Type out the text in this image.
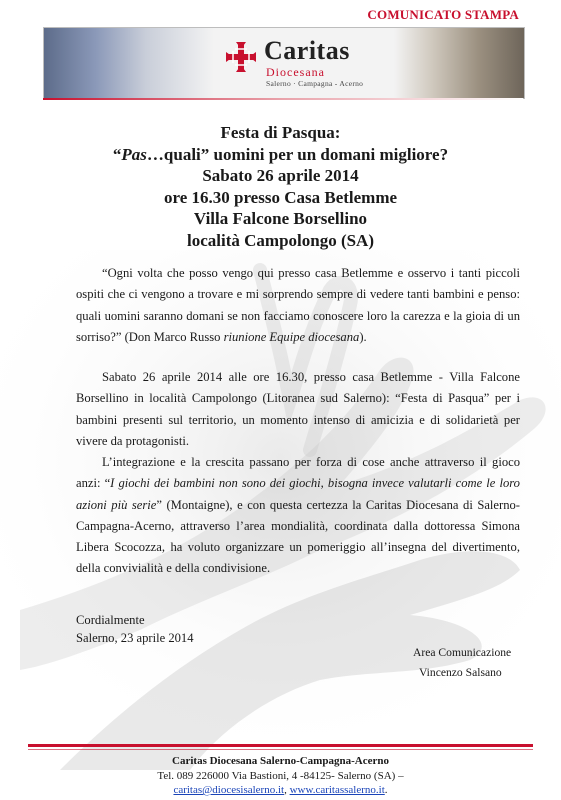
COMUNICATO STAMPA
Caritas
Diocesana
Salerno · Campagna - Acerno
Festa di Pasqua:
“Pas…quali” uomini per un domani migliore?
Sabato 26 aprile 2014
ore 16.30 presso Casa Betlemme
Villa Falcone Borsellino
località Campolongo (SA)

“Ogni volta che posso vengo qui presso casa Betlemme e osservo i tanti piccoli ospiti che ci vengono a trovare e mi sorprendo sempre di vedere tanti bambini e penso: quali uomini saranno domani se non facciamo conoscere loro la carezza e la gioia di un sorriso?” (Don Marco Russo riunione Equipe diocesana).

Sabato 26 aprile 2014 alle ore 16.30, presso casa Betlemme - Villa Falcone Borsellino in località Campolongo (Litoranea sud Salerno): “Festa di Pasqua” per i bambini presenti sul territorio, un momento intenso di amicizia e di solidarietà per vivere da protagonisti.

L’integrazione e la crescita passano per forza di cose anche attraverso il gioco anzi: “I giochi dei bambini non sono dei giochi, bisogna invece valutarli come le loro azioni più serie” (Montaigne), e con questa certezza la Caritas Diocesana di Salerno-Campagna-Acerno, attraverso l’area mondialità, coordinata dalla dottoressa Simona Libera Scocozza, ha voluto organizzare un pomeriggio all’insegna del divertimento, della convivialità e della condivisione.

Cordialmente
Salerno, 23 aprile 2014
Area Comunicazione
Vincenzo Salsano
Caritas Diocesana Salerno-Campagna-Acerno
Tel. 089 226000 Via Bastioni, 4 -84125- Salerno (SA) –
caritas@diocesisalerno.it, www.caritassalerno.it.
